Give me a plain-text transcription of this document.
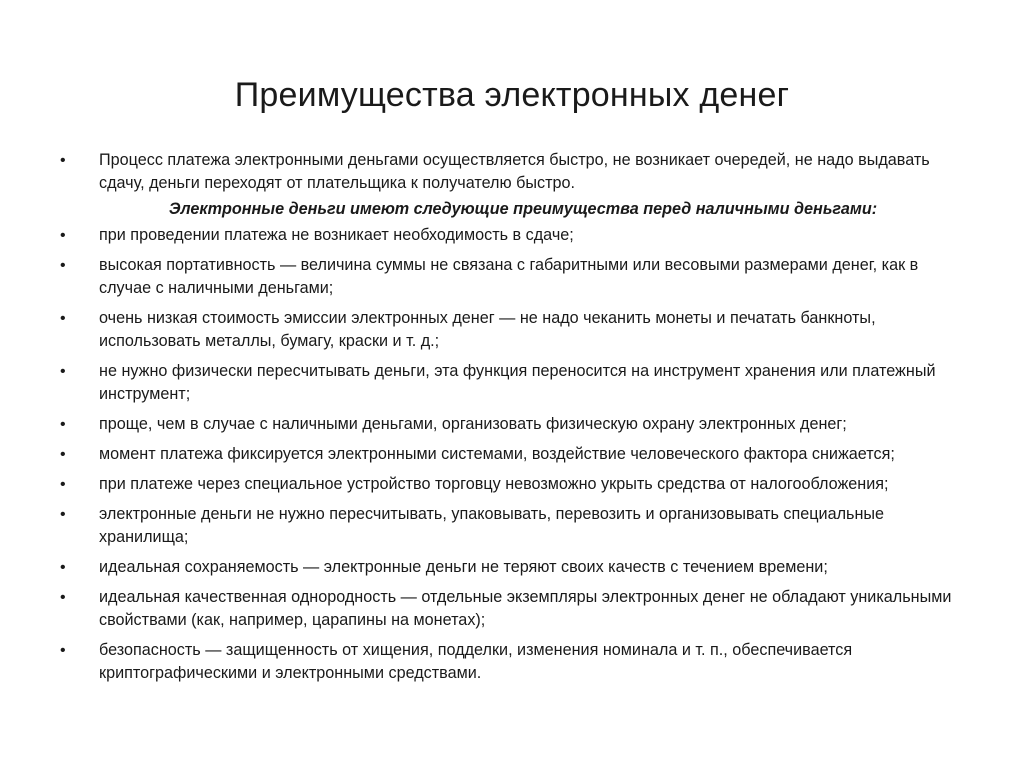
Преимущества электронных денег
•	Процесс платежа электронными деньгами осуществляется быстро, не возникает очередей, не надо выдавать сдачу, деньги переходят от плательщика к получателю быстро.
Электронные деньги имеют следующие преимущества перед наличными деньгами:
•	при проведении платежа не возникает необходимость в сдаче;
•	высокая портативность — величина суммы не связана с габаритными или весовыми размерами денег, как в случае с наличными деньгами;
•	очень низкая стоимость эмиссии электронных денег — не надо чеканить монеты и печатать банкноты, использовать металлы, бумагу, краски и т. д.;
•	не нужно физически пересчитывать деньги, эта функция переносится на инструмент хранения или платежный инструмент;
•	проще, чем в случае с наличными деньгами, организовать физическую охрану электронных денег;
•	момент платежа фиксируется электронными системами, воздействие человеческого фактора снижается;
•	при платеже через специальное устройство торговцу невозможно укрыть средства от налогообложения;
•	электронные деньги не нужно пересчитывать, упаковывать, перевозить и организовывать специальные хранилища;
•	идеальная сохраняемость — электронные деньги не теряют своих качеств с течением времени;
•	идеальная качественная однородность — отдельные экземпляры электронных денег не обладают уникальными свойствами (как, например, царапины на монетах);
•	безопасность — защищенность от хищения, подделки, изменения номинала и т. п., обеспечивается криптографическими и электронными средствами.
